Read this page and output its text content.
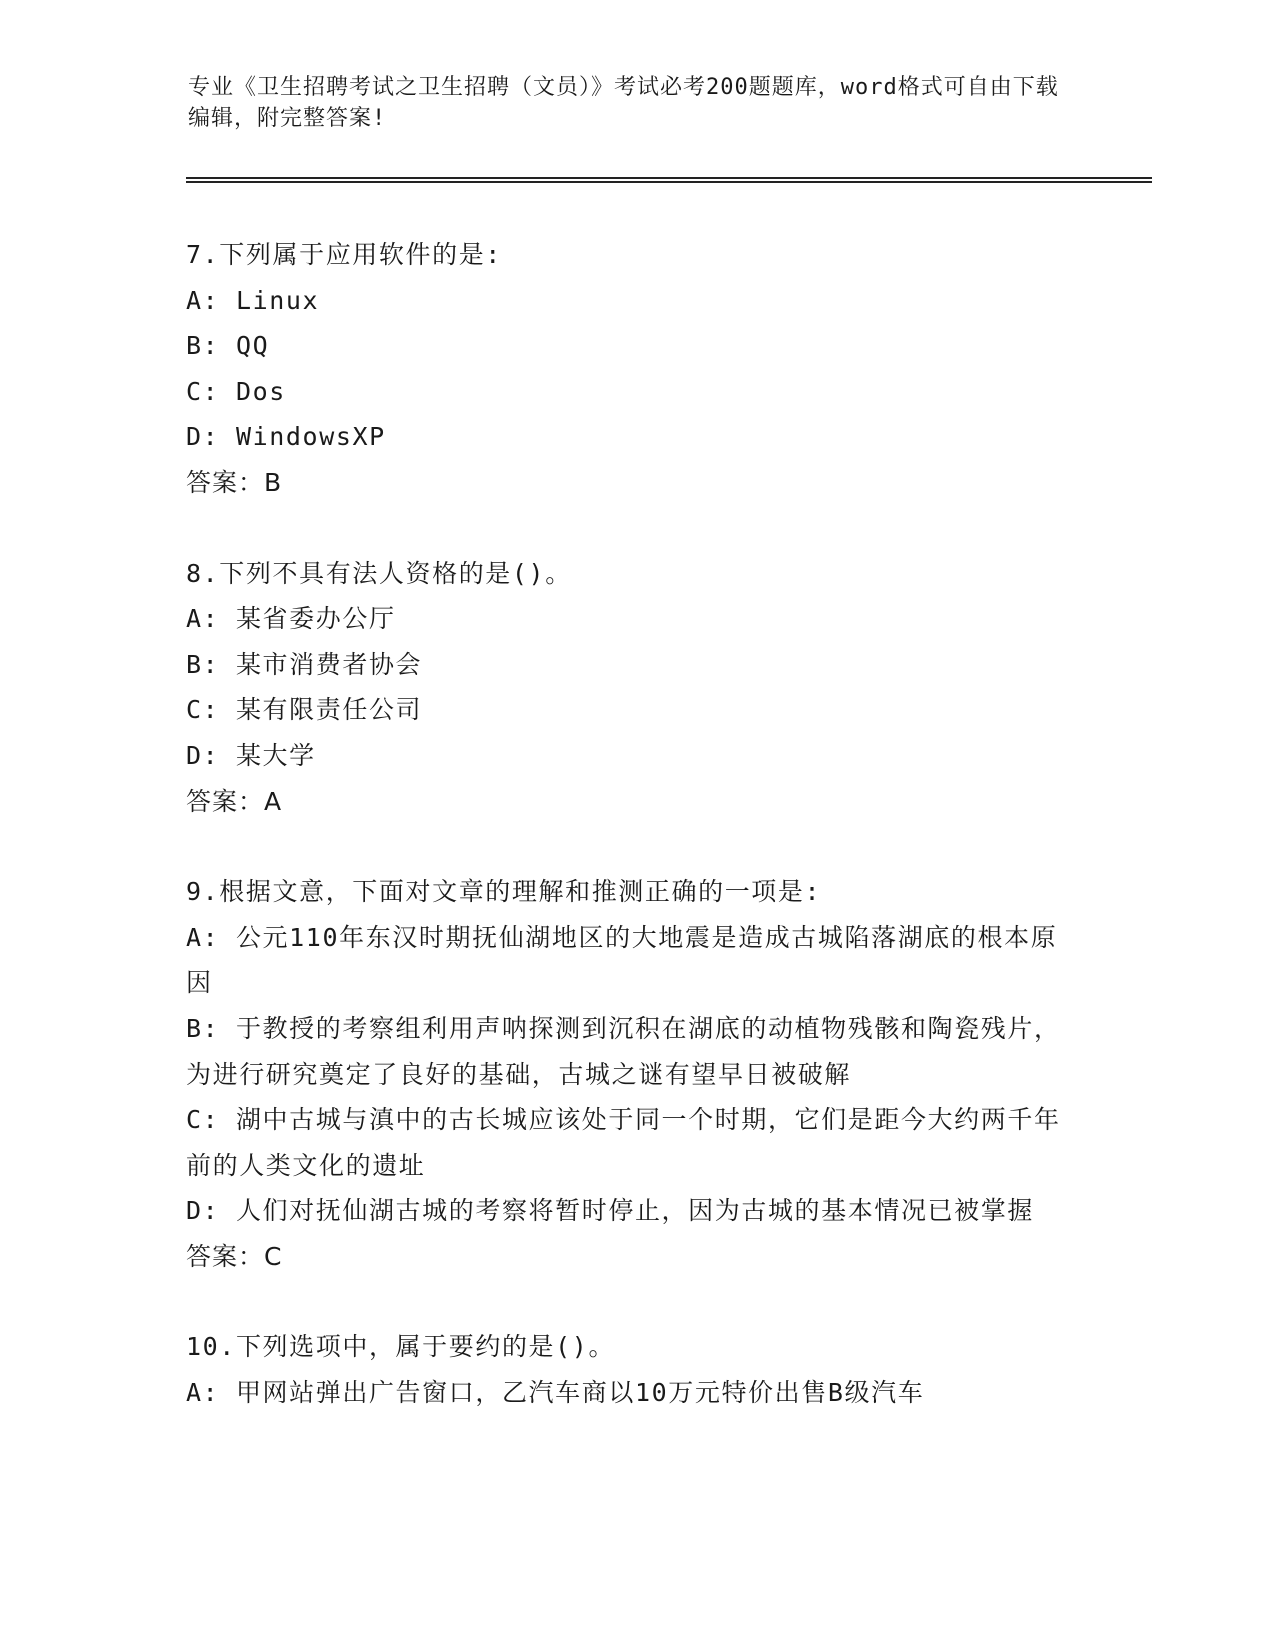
专业《卫生招聘考试之卫生招聘（文员）》考试必考200题题库，word格式可自由下载编辑，附完整答案!
7.下列属于应用软件的是:
A: Linux
B: QQ
C: Dos
D: WindowsXP
答案：B
8.下列不具有法人资格的是()。
A: 某省委办公厅
B: 某市消费者协会
C: 某有限责任公司
D: 某大学
答案：A
9.根据文意，下面对文章的理解和推测正确的一项是:
A: 公元110年东汉时期抚仙湖地区的大地震是造成古城陷落湖底的根本原因
B: 于教授的考察组利用声呐探测到沉积在湖底的动植物残骸和陶瓷残片，为进行研究奠定了良好的基础，古城之谜有望早日被破解
C: 湖中古城与滇中的古长城应该处于同一个时期，它们是距今大约两千年前的人类文化的遗址
D: 人们对抚仙湖古城的考察将暂时停止，因为古城的基本情况已被掌握
答案：C
10.下列选项中，属于要约的是()。
A: 甲网站弹出广告窗口，乙汽车商以10万元特价出售B级汽车
